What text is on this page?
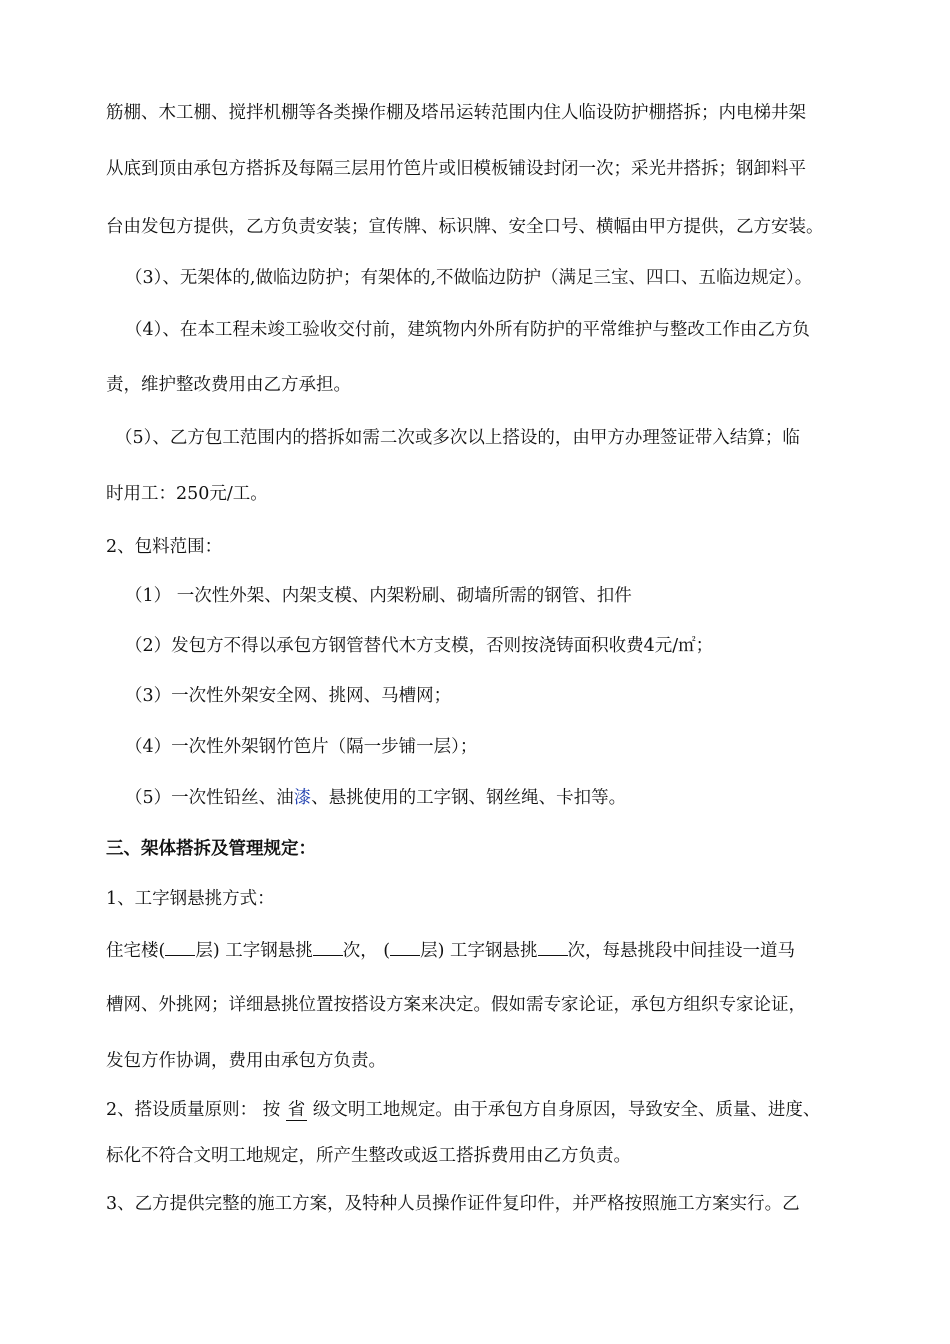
筋棚、木工棚、搅拌机棚等各类操作棚及塔吊运转范围内住人临设防护棚搭拆；内电梯井架
从底到顶由承包方搭拆及每隔三层用竹笆片或旧模板铺设封闭一次；采光井搭拆；钢卸料平
台由发包方提供，乙方负责安装；宣传牌、标识牌、安全口号、横幅由甲方提供，乙方安装。
（3）、无架体的,做临边防护；有架体的,不做临边防护（满足三宝、四口、五临边规定）。
（4）、在本工程未竣工验收交付前，建筑物内外所有防护的平常维护与整改工作由乙方负
责，维护整改费用由乙方承担。
（5）、乙方包工范围内的搭拆如需二次或多次以上搭设的，由甲方办理签证带入结算；临
时用工：250元/工。
2、包料范围：
（1） 一次性外架、内架支模、内架粉刷、砌墙所需的钢管、扣件
（2）发包方不得以承包方钢管替代木方支模，否则按浇铸面积收费4元/㎡；
（3）一次性外架安全网、挑网、马槽网；
（4）一次性外架钢竹笆片（隔一步铺一层）；
（5）一次性铅丝、油漆、悬挑使用的工字钢、钢丝绳、卡扣等。
三、架体搭拆及管理规定：
1、工字钢悬挑方式：
住宅楼( 层) 工字钢悬挑 次， ( 层) 工字钢悬挑 次，每悬挑段中间挂设一道马
槽网、外挑网；详细悬挑位置按搭设方案来决定。假如需专家论证，承包方组织专家论证，
发包方作协调，费用由承包方负责。
2、搭设质量原则： 按 省 级文明工地规定。由于承包方自身原因，导致安全、质量、进度、
标化不符合文明工地规定，所产生整改或返工搭拆费用由乙方负责。
3、乙方提供完整的施工方案，及特种人员操作证件复印件，并严格按照施工方案实行。乙
